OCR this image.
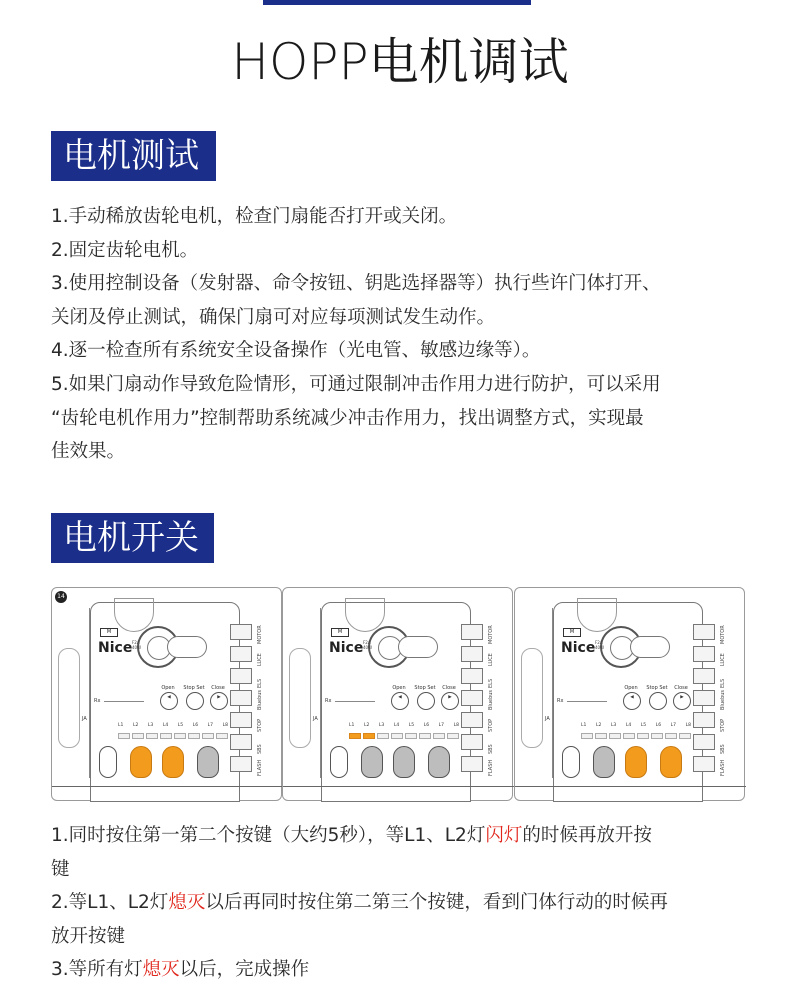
HOPP电机调试
电机测试

1.手动稀放齿轮电机，检查门扇能否打开或关闭。

2.固定齿轮电机。

3.使用控制设备（发射器、命令按钮、钥匙选择器等）执行些许门体打开、

关闭及停止测试，确保门扇可对应每项测试发生动作。

4.逐一检查所有系统安全设备操作（光电管、敏感边缘等）。

5.如果门扇动作导致危险情形，可通过限制冲击作用力进行防护，可以采用

“齿轮电机作用力”控制帮助系统减少冲击作用力，找出调整方式，实现最

佳效果。

电机开关
14
M
Nice F2A
40W
Rx
Open
◀
Stop Set	Close
▶
JA
L1 L2 L3 L4 L5 L6 L7 L8
MOTOR
LUCE
ELS
Bluebus
STOP
SBS
FLASH
M
Nice F2A
40W
Rx
Open
◀
Stop Set	Close
▶
JA
L1 L2 L3 L4 L5 L6 L7 L8
MOTOR
LUCE
ELS
Bluebus
STOP
SBS
FLASH
M
Nice F2A
40W
Rx
Open
◀
Stop Set	Close
▶
JA
L1 L2 L3 L4 L5 L6 L7 L8
MOTOR
LUCE
ELS
Bluebus
STOP
SBS
FLASH

1.同时按住第一第二个按键（大约5秒），等L1、L2灯闪灯的时候再放开按

键

2.等L1、L2灯熄灭以后再同时按住第二第三个按键，看到门体行动的时候再

放开按键

3.等所有灯熄灭以后，完成操作
